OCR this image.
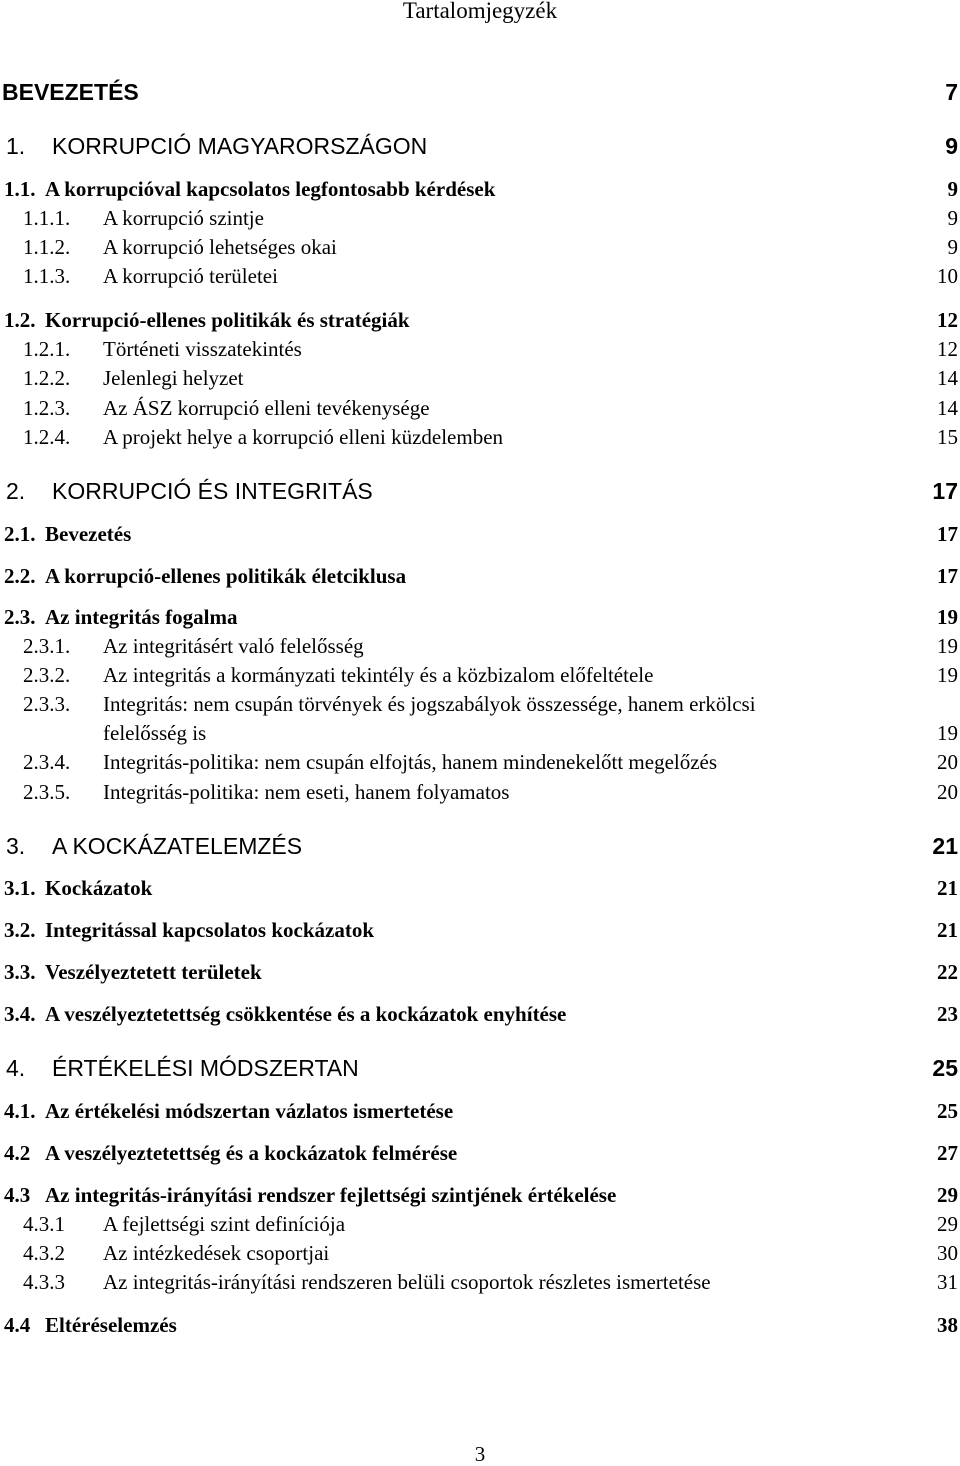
Tartalomjegyzék
BEVEZETÉS	7
1. KORRUPCIÓ MAGYARORSZÁGON	9
1.1. A korrupcióval kapcsolatos legfontosabb kérdések	9
1.1.1. A korrupció szintje	9
1.1.2. A korrupció lehetséges okai	9
1.1.3. A korrupció területei	10
1.2. Korrupció-ellenes politikák és stratégiák	12
1.2.1. Történeti visszatekintés	12
1.2.2. Jelenlegi helyzet	14
1.2.3. Az ÁSZ korrupció elleni tevékenysége	14
1.2.4. A projekt helye a korrupció elleni küzdelemben	15
2. KORRUPCIÓ ÉS INTEGRITÁS	17
2.1. Bevezetés	17
2.2. A korrupció-ellenes politikák életciklusa	17
2.3. Az integritás fogalma	19
2.3.1. Az integritásért való felelősség	19
2.3.2. Az integritás a kormányzati tekintély és a közbizalom előfeltétele	19
2.3.3. Integritás: nem csupán törvények és jogszabályok összessége, hanem erkölcsi
felelősség is	19
2.3.4. Integritás-politika: nem csupán elfojtás, hanem mindenekelőtt megelőzés	20
2.3.5. Integritás-politika: nem eseti, hanem folyamatos	20
3. A KOCKÁZATELEMZÉS	21
3.1. Kockázatok	21
3.2. Integritással kapcsolatos kockázatok	21
3.3. Veszélyeztetett területek	22
3.4. A veszélyeztetettség csökkentése és a kockázatok enyhítése	23
4. ÉRTÉKELÉSI MÓDSZERTAN	25
4.1. Az értékelési módszertan vázlatos ismertetése	25
4.2 A veszélyeztetettség és a kockázatok felmérése	27
4.3 Az integritás-irányítási rendszer fejlettségi szintjének értékelése	29
4.3.1 A fejlettségi szint definíciója	29
4.3.2 Az intézkedések csoportjai	30
4.3.3 Az integritás-irányítási rendszeren belüli csoportok részletes ismertetése	31
4.4 Eltéréselemzés	38
3
